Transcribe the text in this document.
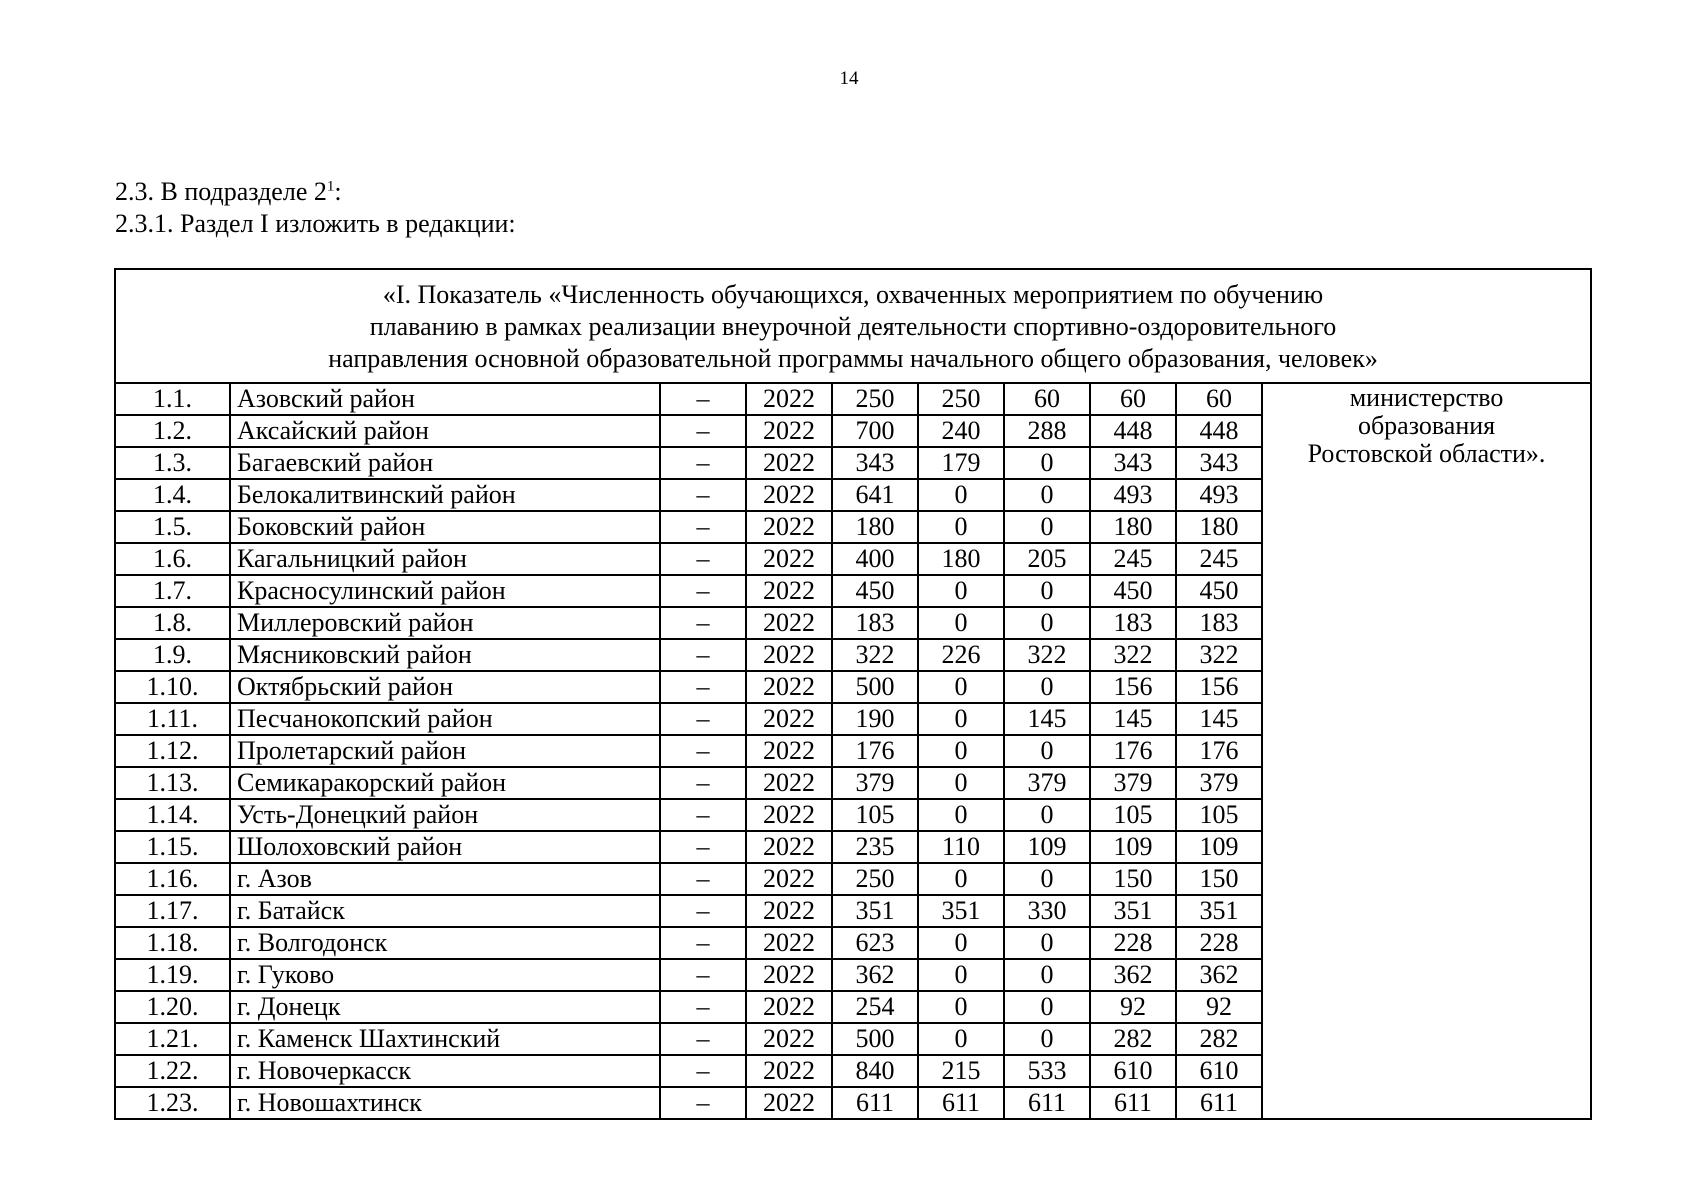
14
2.3. В подразделе $2^1$:
2.3.1. Раздел I изложить в редакции:
«I. Показатель «Численность обучающихся, охваченных мероприятием по обучению
плаванию в рамках реализации внеурочной деятельности спортивно-оздоровительного
направления основной образовательной программы начального общего образования, человек»									

1.1.	Азовский район	–	2022	250	250	60	60	60	министерство
образования
Ростовской области».

1.2.	Аксайский район	–	2022	700	240	288	448	448	
1.3.	Багаевский район	–	2022	343	179	0	343	343	
1.4.	Белокалитвинский район	–	2022	641	0	0	493	493	
1.5.	Боковский район	–	2022	180	0	0	180	180	
1.6.	Кагальницкий район	–	2022	400	180	205	245	245	
1.7.	Красносулинский район	–	2022	450	0	0	450	450	
1.8.	Миллеровский район	–	2022	183	0	0	183	183	
1.9.	Мясниковский район	–	2022	322	226	322	322	322	
1.10.	Октябрьский район	–	2022	500	0	0	156	156	
1.11.	Песчанокопский район	–	2022	190	0	145	145	145	
1.12.	Пролетарский район	–	2022	176	0	0	176	176	
1.13.	Семикаракорский район	–	2022	379	0	379	379	379	
1.14.	Усть-Донецкий район	–	2022	105	0	0	105	105	
1.15.	Шолоховский район	–	2022	235	110	109	109	109	
1.16.	г. Азов	–	2022	250	0	0	150	150	
1.17.	г. Батайск	–	2022	351	351	330	351	351	
1.18.	г. Волгодонск	–	2022	623	0	0	228	228	
1.19.	г. Гуково	–	2022	362	0	0	362	362	
1.20.	г. Донецк	–	2022	254	0	0	92	92	
1.21.	г. Каменск Шахтинский	–	2022	500	0	0	282	282	
1.22.	г. Новочеркасск	–	2022	840	215	533	610	610	
1.23.	г. Новошахтинск	–	2022	611	611	611	611	611	
